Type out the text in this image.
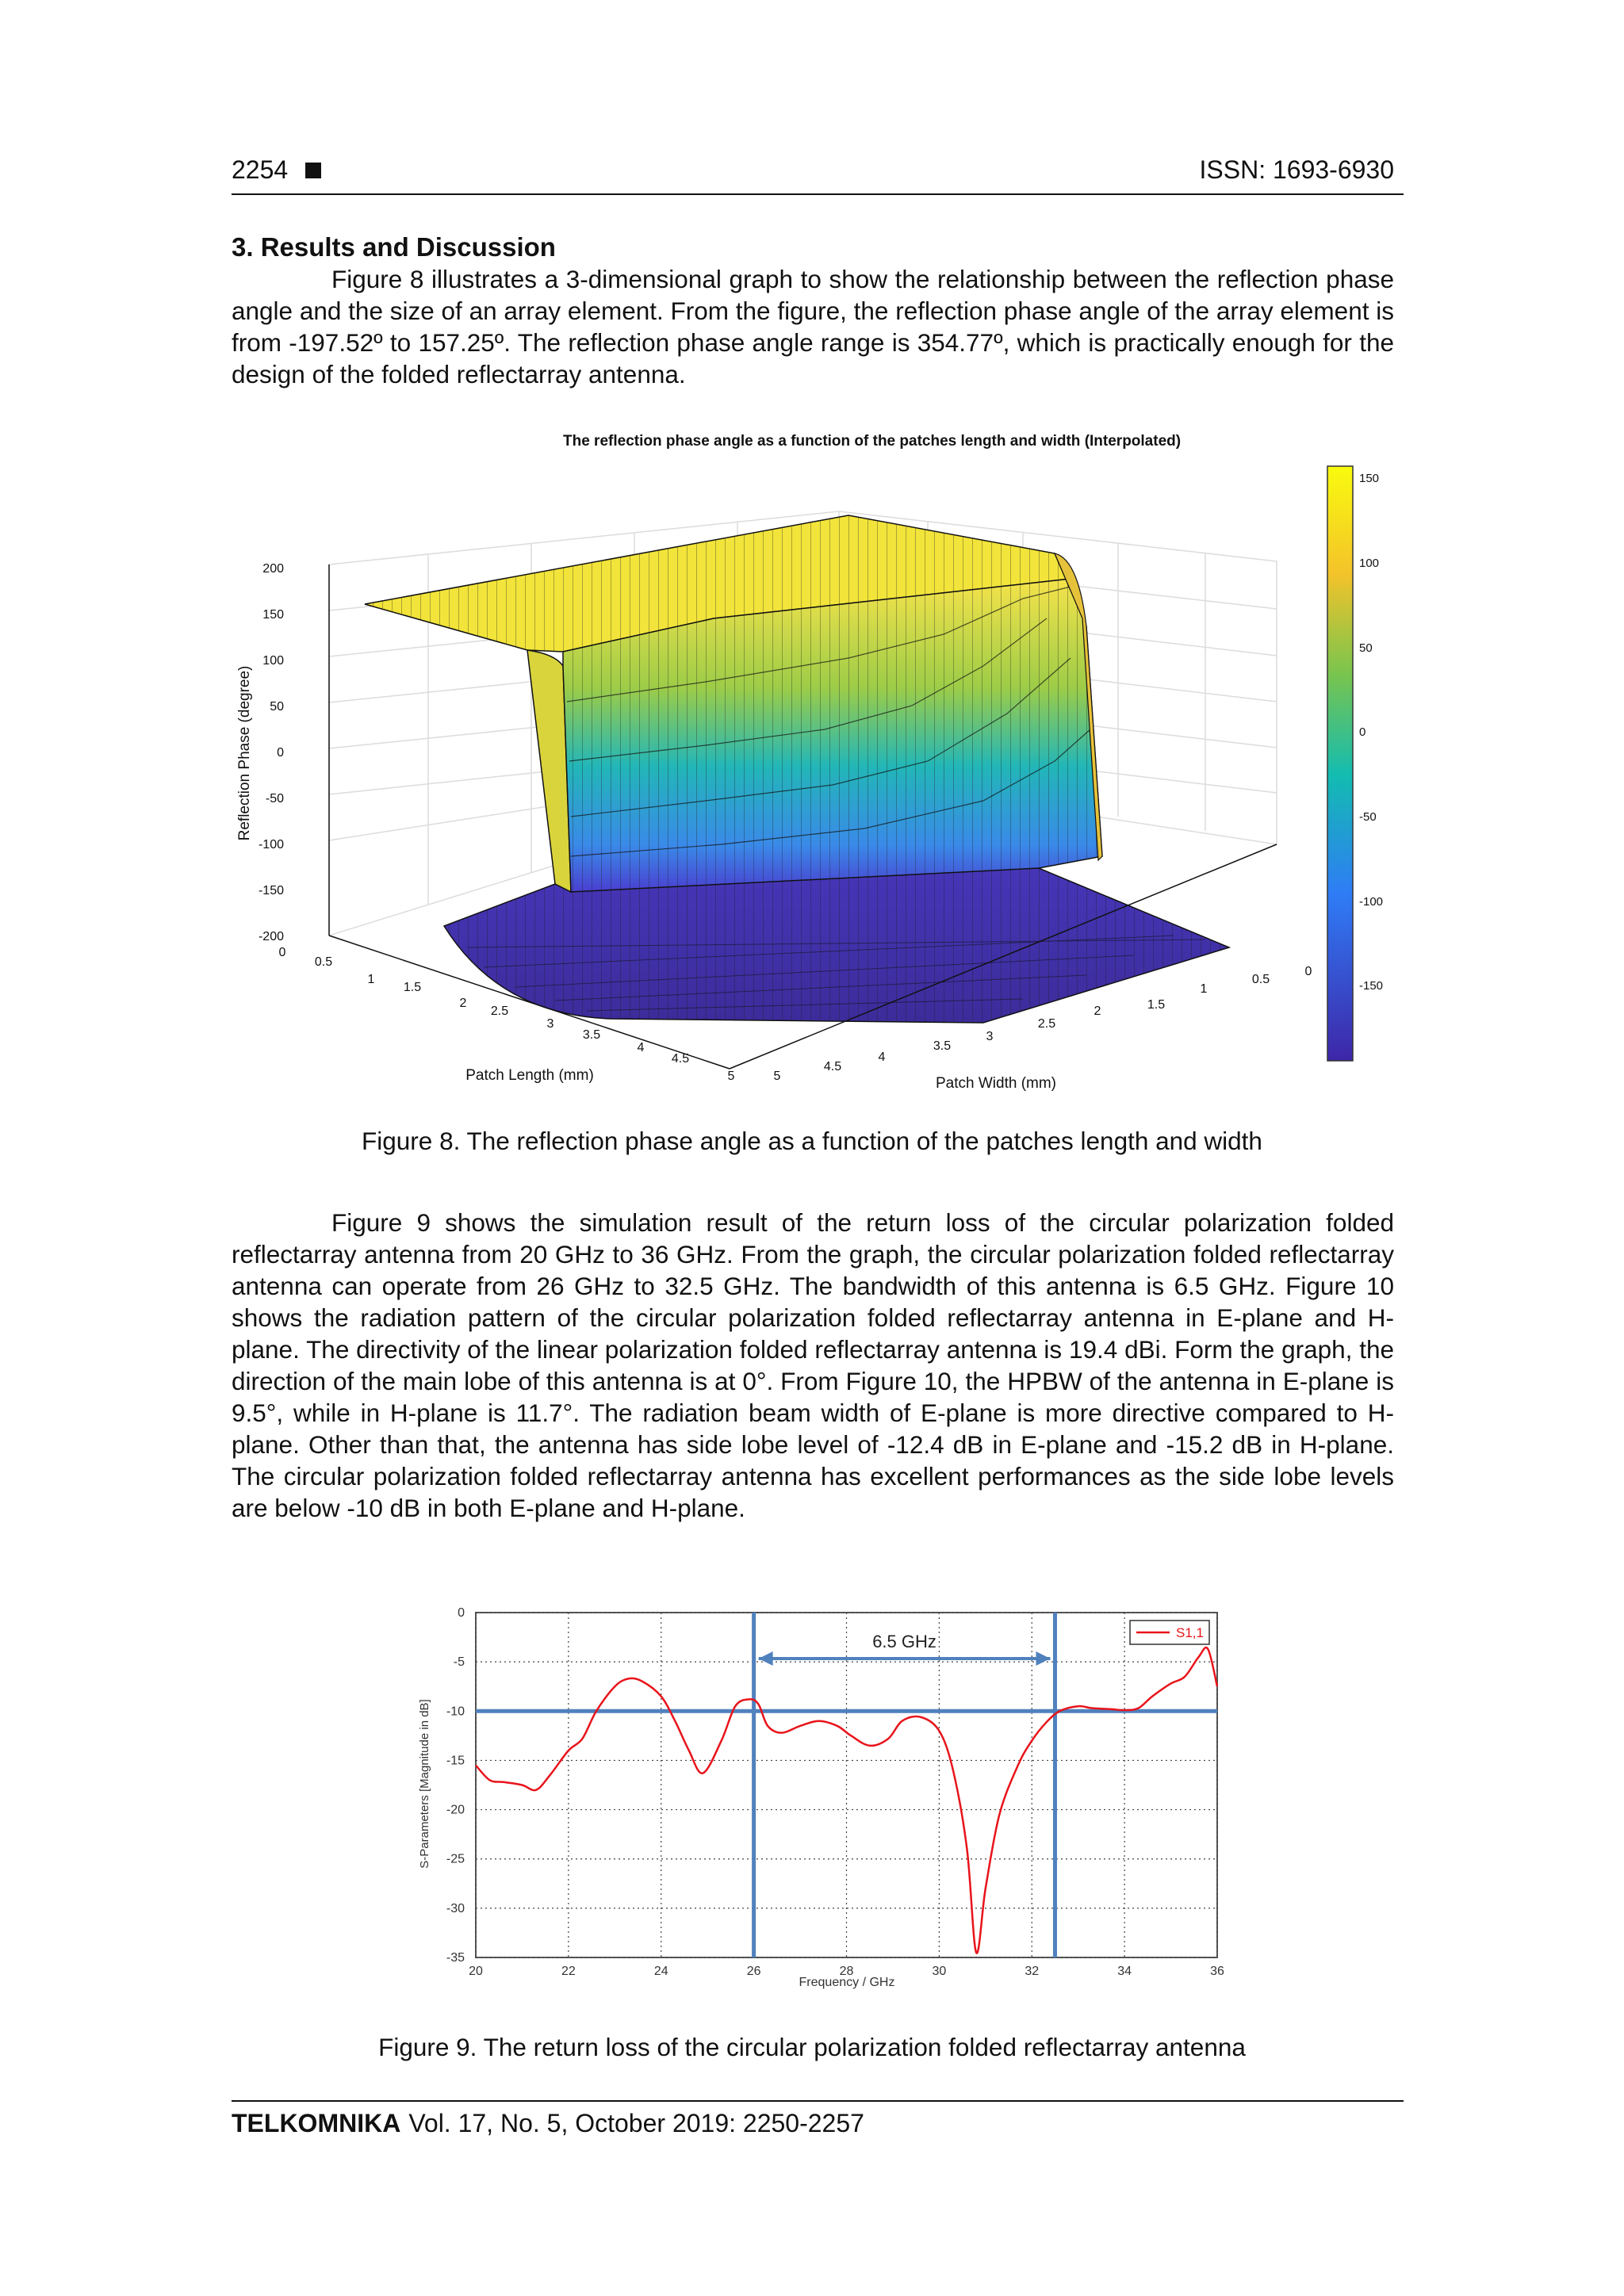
2254	ISSN: 1693-6930
3. Results and Discussion

Figure 8 illustrates a 3-dimensional graph to show the relationship between the reflection phase angle and the size of an array element. From the figure, the reflection phase angle of the array element is from -197.52º to 157.25º. The reflection phase angle range is 354.77º, which is practically enough for the design of the folded reflectarray antenna.

The reflection phase angle as a function of the patches length and width (Interpolated)
200
150
100
50
0
-50
-100
-150
-200
Reflection Phase (degree)
0
0.5
1
1.5
2
2.5
3
3.5
4
4.5
5
Patch Length (mm)
0
0.5
1
1.5
2
2.5
3
3.5
4
4.5
5	Patch Width (mm)
150
100
50
0
-50
-100
-150
Figure 8. The reflection phase angle as a function of the patches length and width

Figure 9 shows the simulation result of the return loss of the circular polarization folded reflectarray antenna from 20 GHz to 36 GHz. From the graph, the circular polarization folded reflectarray antenna can operate from 26 GHz to 32.5 GHz. The bandwidth of this antenna is 6.5 GHz. Figure 10 shows the radiation pattern of the circular polarization folded reflectarray antenna in E-plane and H-plane. The directivity of the linear polarization folded reflectarray antenna is 19.4 dBi. Form the graph, the direction of the main lobe of this antenna is at 0°. From Figure 10, the HPBW of the antenna in E-plane is 9.5°, while in H-plane is 11.7°. The radiation beam width of E-plane is more directive compared to H-plane. Other than that, the antenna has side lobe level of -12.4 dB in E-plane and -15.2 dB in H-plane. The circular polarization folded reflectarray antenna has excellent performances as the side lobe levels are below -10 dB in both E-plane and H-plane.

6.5 GHz
20	22	24	26	28	30	32	34	36
0
-5
-10
-15
-20
-25
-30
-35
S1,1
Frequency / GHz
S-Parameters [Magnitude in dB]
Figure 9. The return loss of the circular polarization folded reflectarray antenna
TELKOMNIKA Vol. 17, No. 5, October 2019: 2250-2257
